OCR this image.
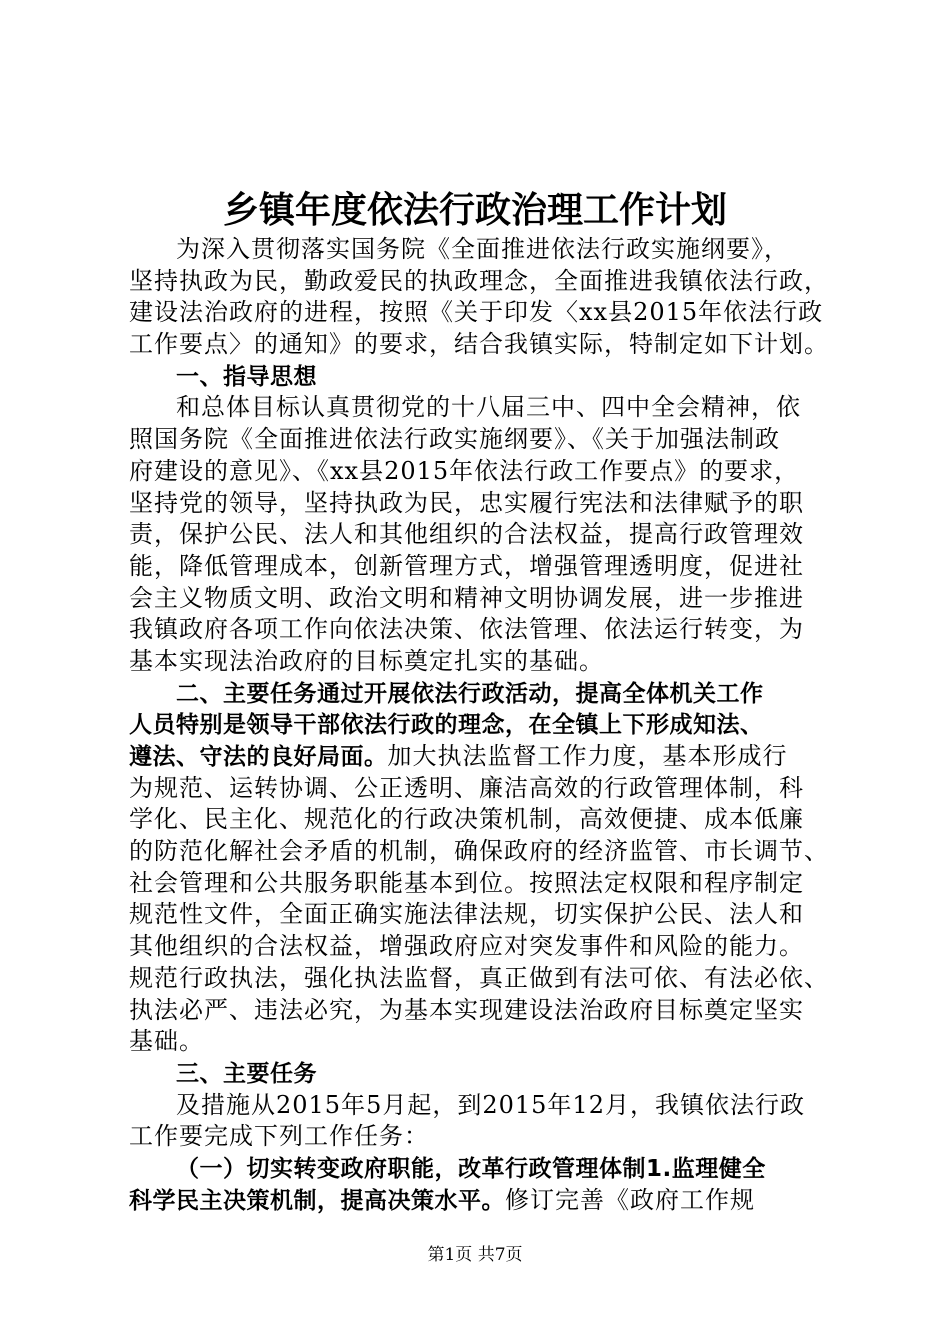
乡镇年度依法行政治理工作计划
为深入贯彻落实国务院《全面推进依法行政实施纲要》，
坚持执政为民，勤政爱民的执政理念，全面推进我镇依法行政，
建设法治政府的进程，按照《关于印发〈xx县2015年依法行政
工作要点〉的通知》的要求，结合我镇实际，特制定如下计划。
一、指导思想
和总体目标认真贯彻党的十八届三中、四中全会精神，依
照国务院《全面推进依法行政实施纲要》、《关于加强法制政
府建设的意见》、《xx县2015年依法行政工作要点》的要求，
坚持党的领导，坚持执政为民，忠实履行宪法和法律赋予的职
责，保护公民、法人和其他组织的合法权益，提高行政管理效
能，降低管理成本，创新管理方式，增强管理透明度，促进社
会主义物质文明、政治文明和精神文明协调发展，进一步推进
我镇政府各项工作向依法决策、依法管理、依法运行转变，为
基本实现法治政府的目标奠定扎实的基础。
二、主要任务通过开展依法行政活动，提高全体机关工作
人员特别是领导干部依法行政的理念，在全镇上下形成知法、
遵法、守法的良好局面。加大执法监督工作力度，基本形成行
为规范、运转协调、公正透明、廉洁高效的行政管理体制，科
学化、民主化、规范化的行政决策机制，高效便捷、成本低廉
的防范化解社会矛盾的机制，确保政府的经济监管、市长调节、
社会管理和公共服务职能基本到位。按照法定权限和程序制定
规范性文件，全面正确实施法律法规，切实保护公民、法人和
其他组织的合法权益，增强政府应对突发事件和风险的能力。
规范行政执法，强化执法监督，真正做到有法可依、有法必依、
执法必严、违法必究，为基本实现建设法治政府目标奠定坚实
基础。
三、主要任务
及措施从2015年5月起，到2015年12月，我镇依法行政
工作要完成下列工作任务：
（一）切实转变政府职能，改革行政管理体制1.监理健全
科学民主决策机制，提高决策水平。修订完善《政府工作规
第1页 共7页
